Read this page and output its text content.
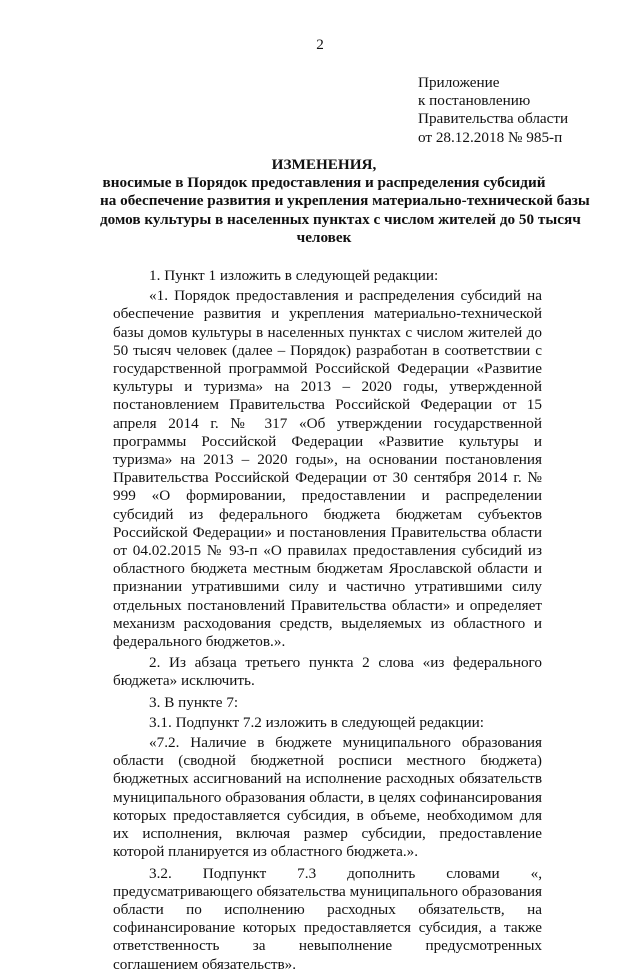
2

Приложение
к постановлению
Правительства области
от 28.12.2018 № 985-п
ИЗМЕНЕНИЯ,
вносимые в Порядок предоставления и распределения субсидий
на обеспечение развития и укрепления материально-технической базы
домов культуры в населенных пунктах с числом жителей до 50 тысяч
человек

1. Пункт 1 изложить в следующей редакции:

«1. Порядок предоставления и распределения субсидий на обеспечение развития и укрепления материально-технической базы домов культуры в населенных пунктах с числом жителей до 50 тысяч человек (далее – Порядок) разработан в соответствии с государственной программой Российской Федерации «Развитие культуры и туризма» на 2013 – 2020 годы, утвержденной постановлением Правительства Российской Федерации от 15 апреля 2014 г. № 317 «Об утверждении государственной программы Российской Федерации «Развитие культуры и туризма» на 2013 – 2020 годы», на основании постановления Правительства Российской Федерации от 30 сентября 2014 г. № 999 «О формировании, предоставлении и распределении субсидий из федерального бюджета бюджетам субъектов Российской Федерации» и постановления Правительства области от 04.02.2015 № 93-п «О правилах предоставления субсидий из областного бюджета местным бюджетам Ярославской области и признании утратившими силу и частично утратившими силу отдельных постановлений Правительства области» и определяет механизм расходования средств, выделяемых из областного и федерального бюджетов.».

2. Из абзаца третьего пункта 2 слова «из федерального бюджета» исключить.

3. В пункте 7:

3.1. Подпункт 7.2 изложить в следующей редакции:

«7.2. Наличие в бюджете муниципального образования области (сводной бюджетной росписи местного бюджета) бюджетных ассигнований на исполнение расходных обязательств муниципального образования области, в целях софинансирования которых предоставляется субсидия, в объеме, необходимом для их исполнения, включая размер субсидии, предоставление которой планируется из областного бюджета.».

3.2. Подпункт 7.3 дополнить словами «, предусматривающего обязательства муниципального образования области по исполнению расходных обязательств, на софинансирование которых предоставляется субсидия, а также ответственность за невыполнение предусмотренных соглашением обязательств».
